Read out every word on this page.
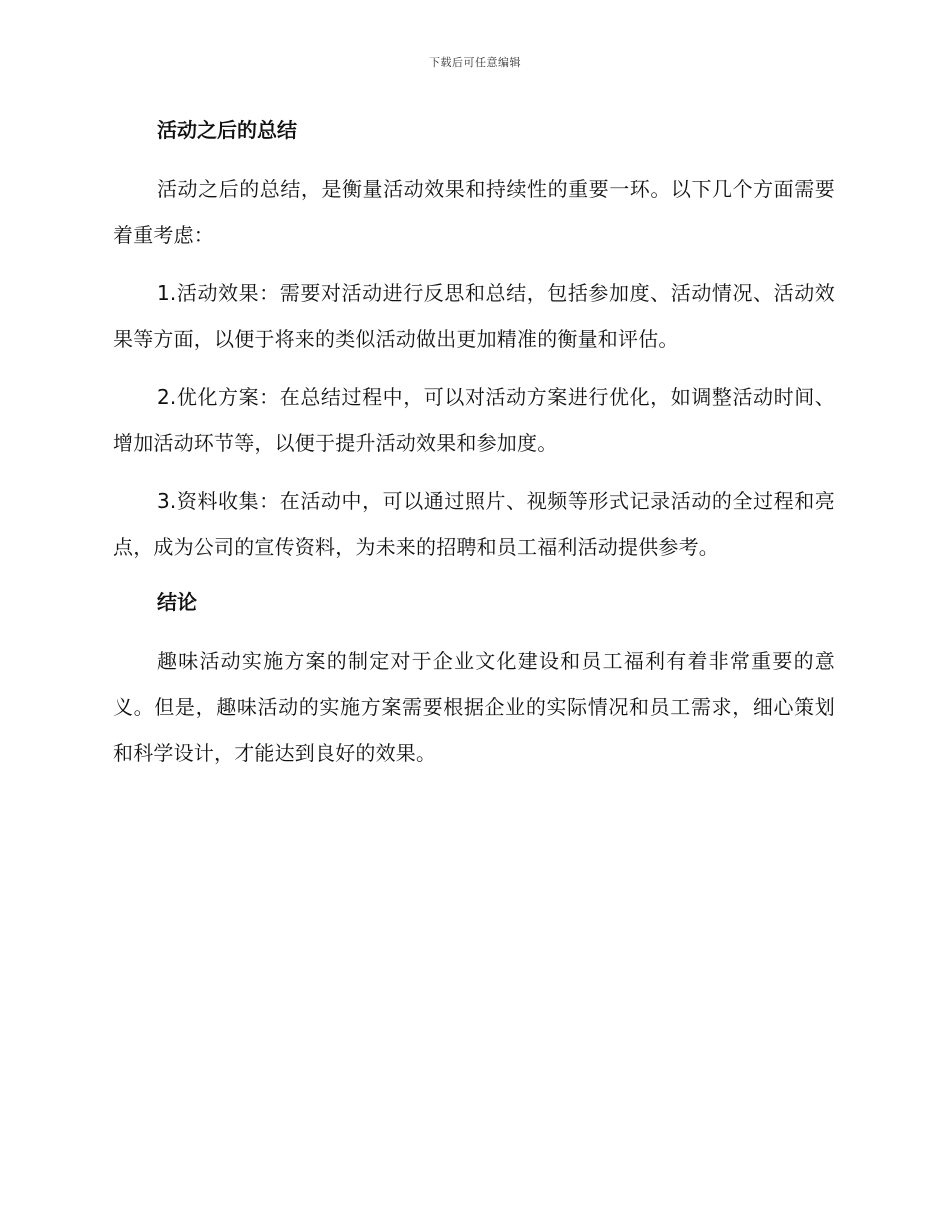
下载后可任意编辑
活动之后的总结

活动之后的总结，是衡量活动效果和持续性的重要一环。以下几个方面需要着重考虑：

1.活动效果：需要对活动进行反思和总结，包括参加度、活动情况、活动效果等方面，以便于将来的类似活动做出更加精准的衡量和评估。

2.优化方案：在总结过程中，可以对活动方案进行优化，如调整活动时间、增加活动环节等，以便于提升活动效果和参加度。

3.资料收集：在活动中，可以通过照片、视频等形式记录活动的全过程和亮点，成为公司的宣传资料，为未来的招聘和员工福利活动提供参考。

结论

趣味活动实施方案的制定对于企业文化建设和员工福利有着非常重要的意义。但是，趣味活动的实施方案需要根据企业的实际情况和员工需求，细心策划和科学设计，才能达到良好的效果。
